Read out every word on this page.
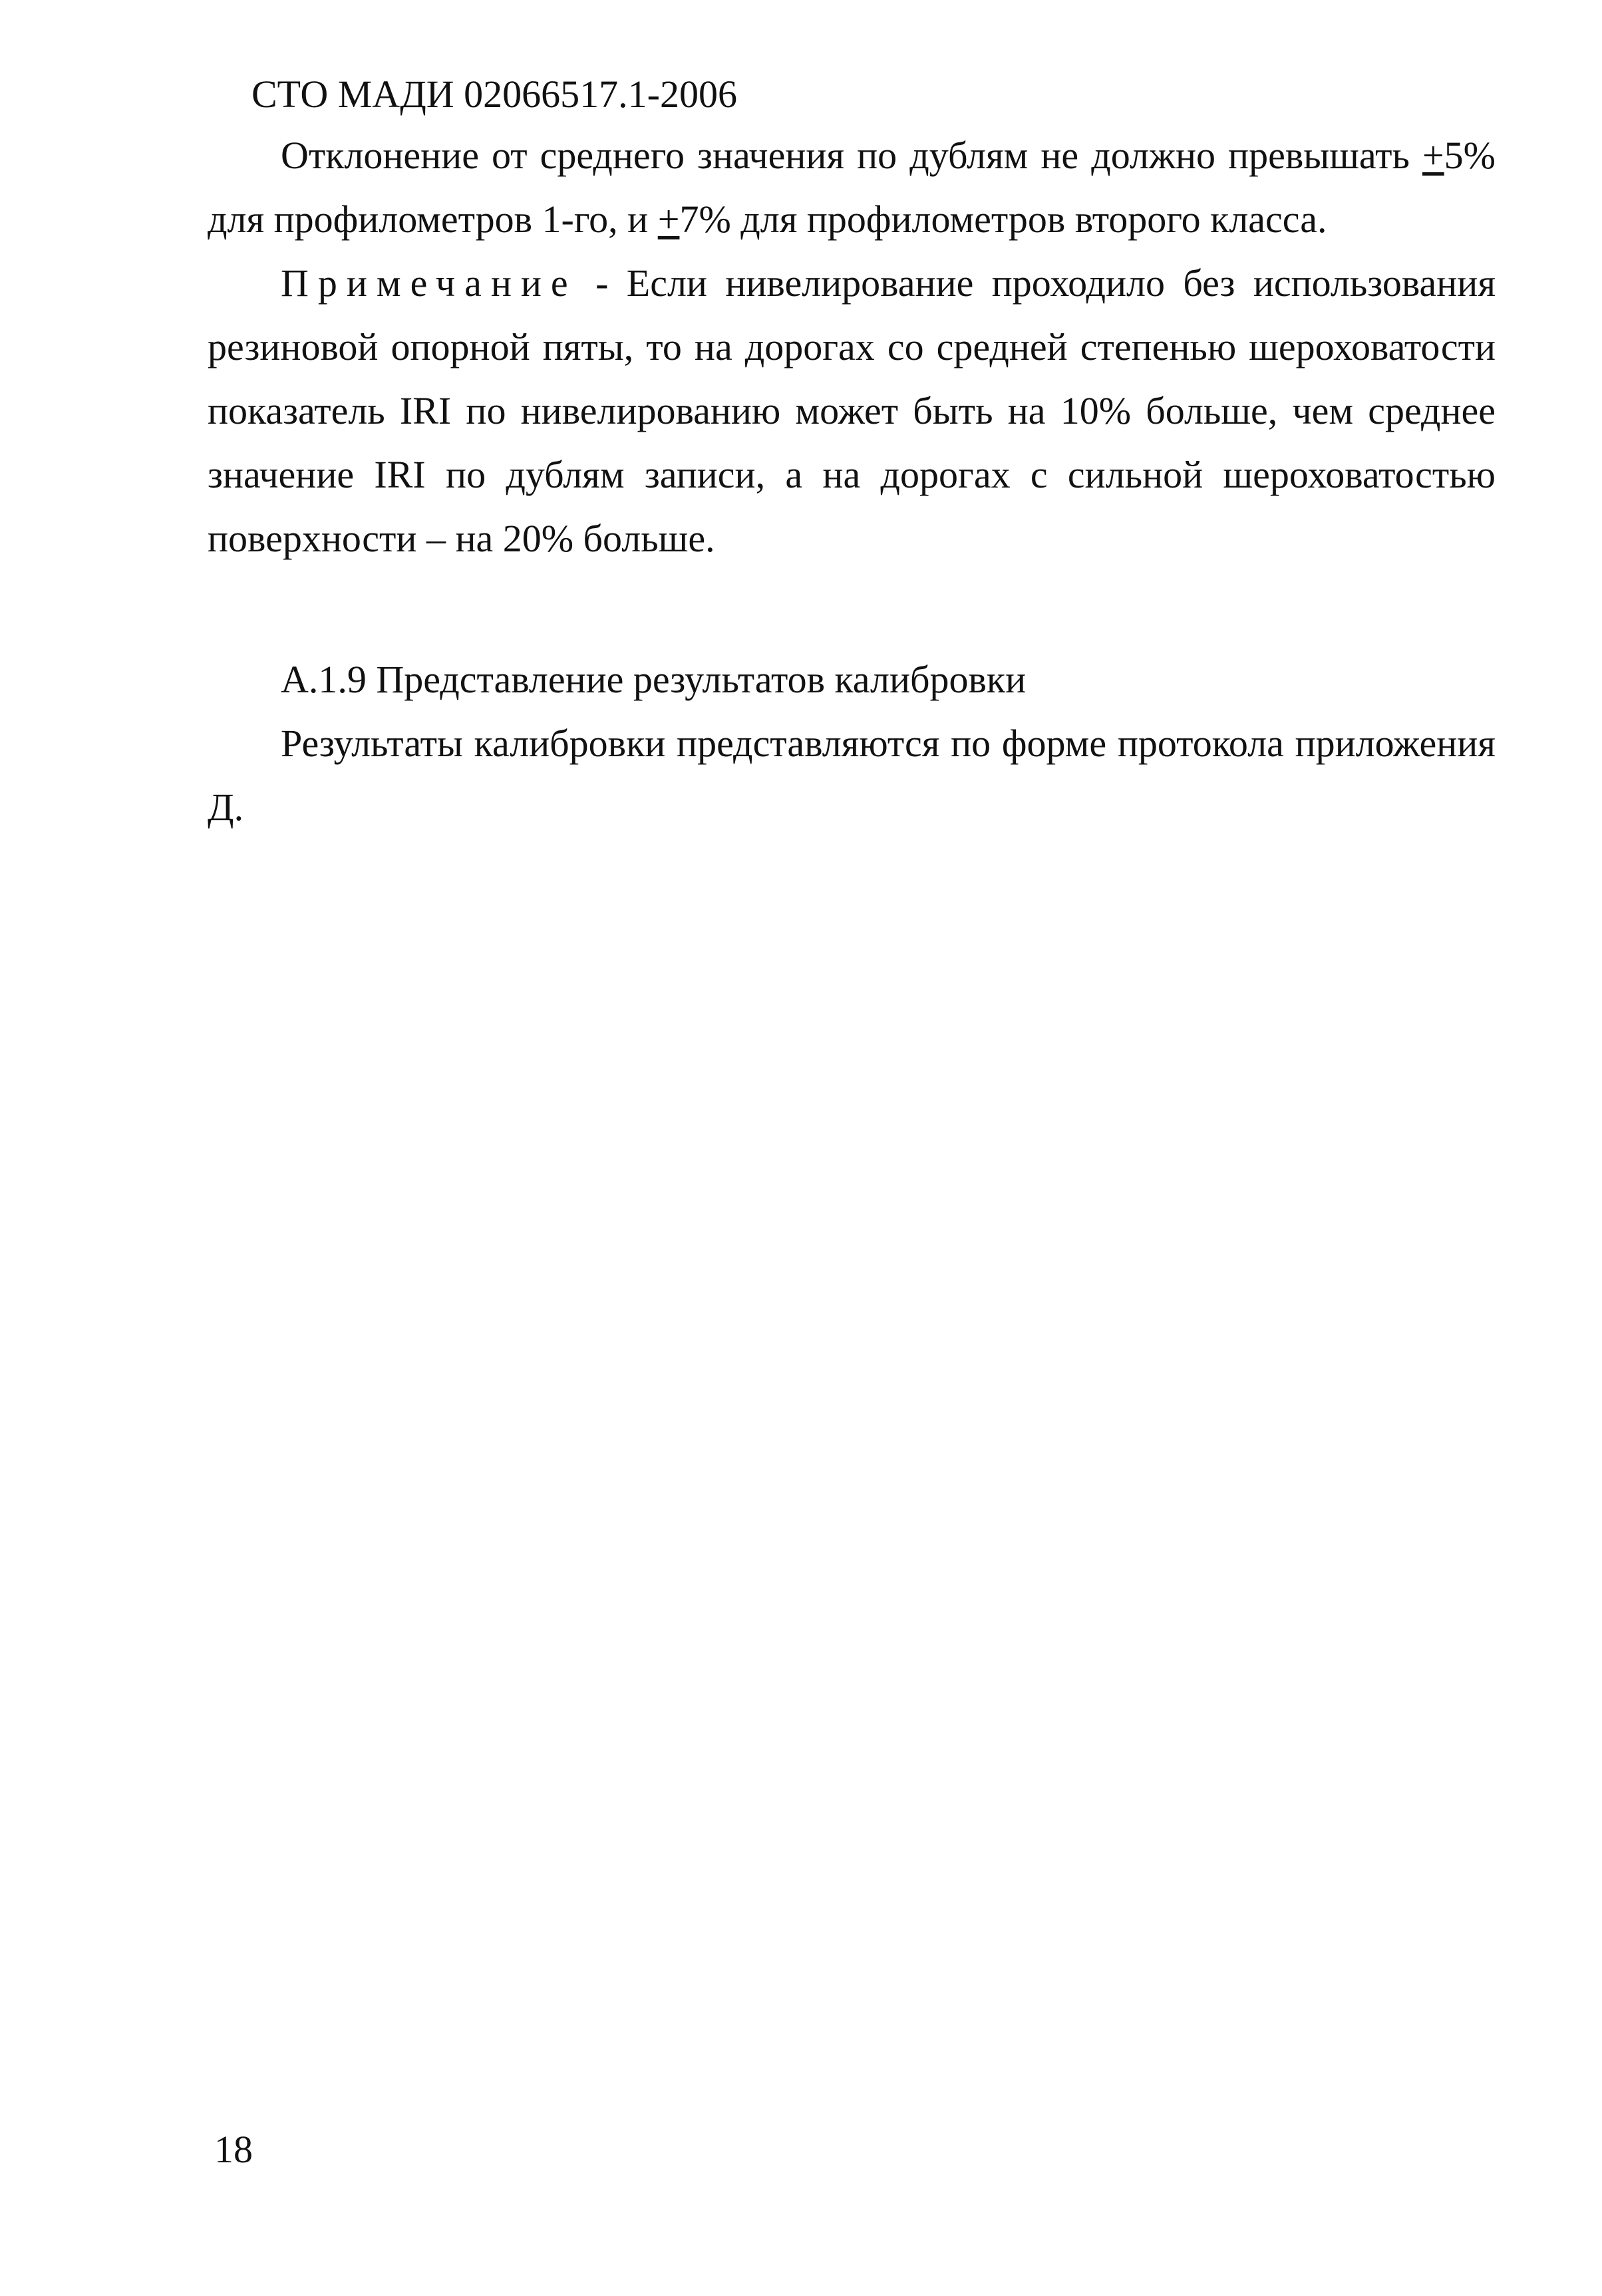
СТО МАДИ 02066517.1-2006

Отклонение от среднего значения по дублям не должно превышать +5% для профилометров 1-го, и +7% для профилометров второго класса.

Примечание - Если нивелирование проходило без использования резиновой опорной пяты, то на дорогах со средней степенью шероховатости показатель IRI по нивелированию может быть на 10% больше, чем среднее значение IRI по дублям записи, а на дорогах с сильной шероховатостью поверхности – на 20% больше.

А.1.9 Представление результатов калибровки

Результаты калибровки представляются по форме протокола приложения Д.

18
